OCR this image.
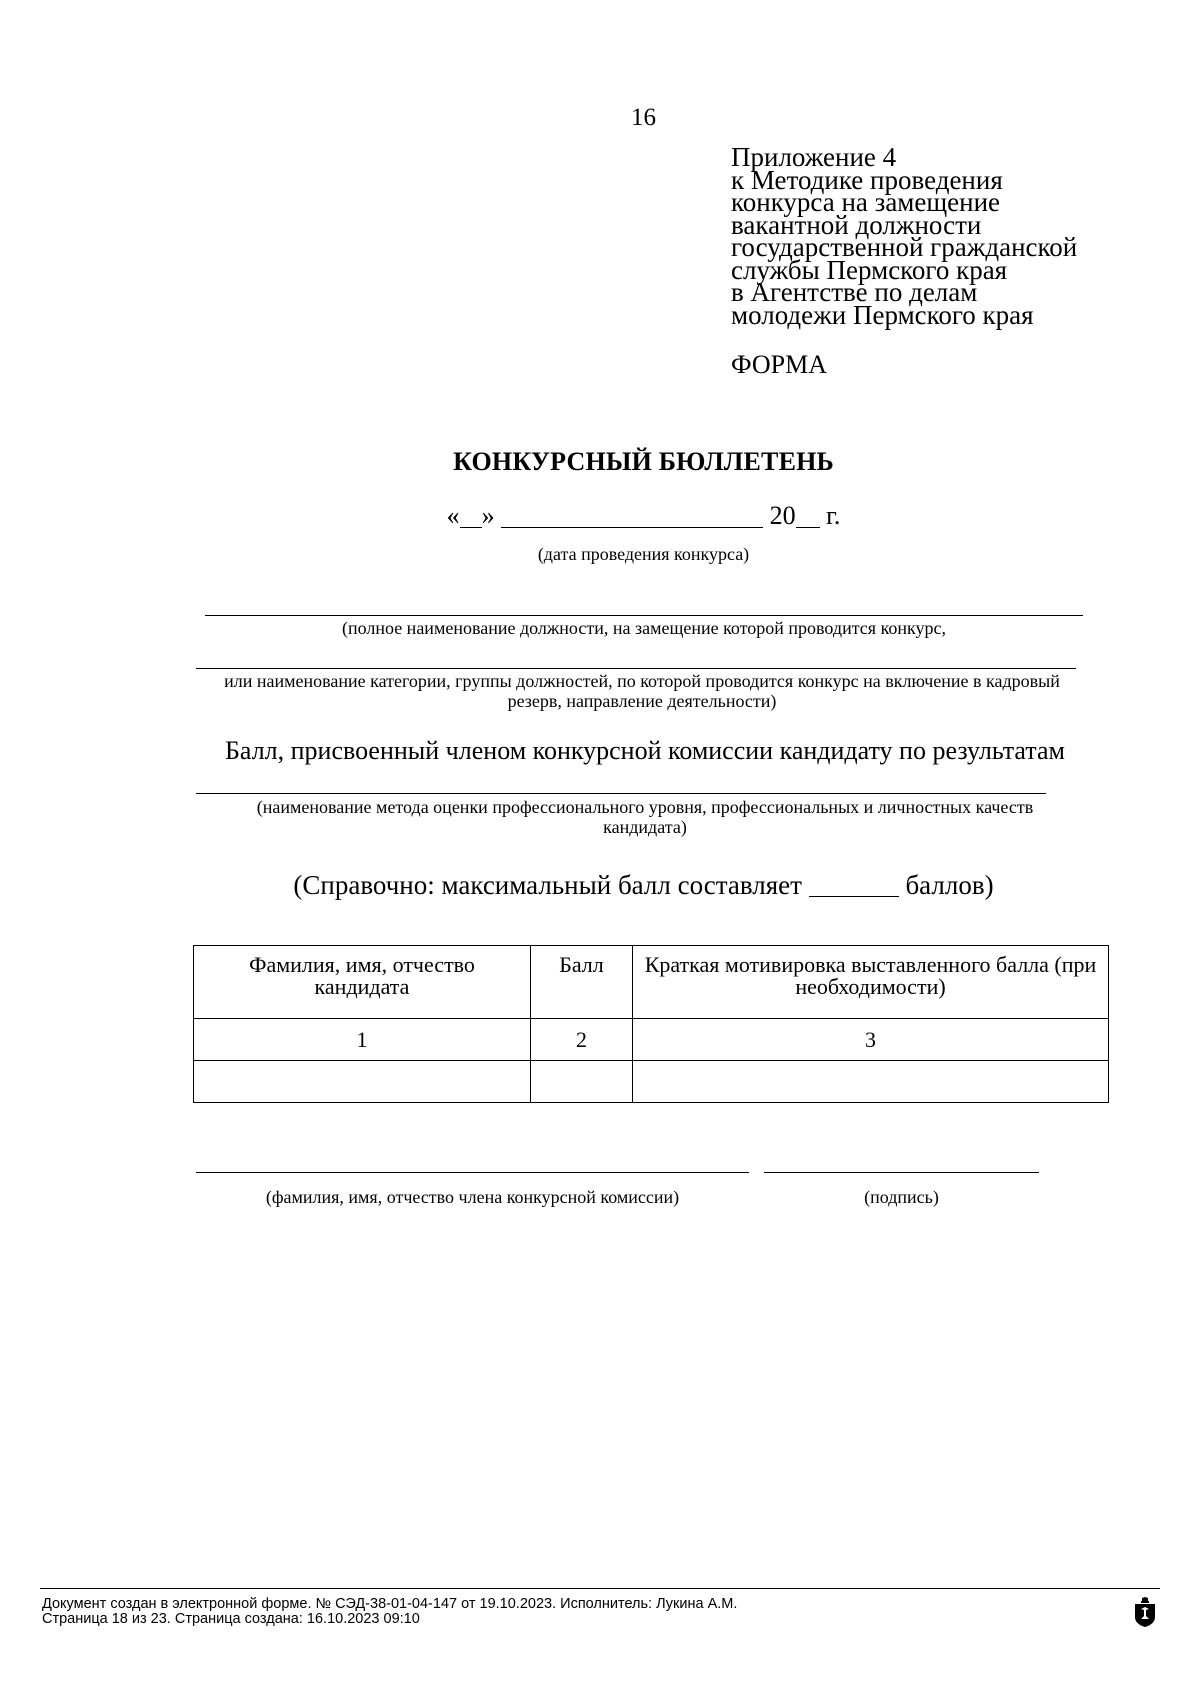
16
Приложение 4
к Методике проведения
конкурса на замещение
вакантной должности
государственной гражданской
службы Пермского края
в Агентстве по делам
молодежи Пермского края
ФОРМА
КОНКУРСНЫЙ БЮЛЛЕТЕНЬ
« »	20 г.
(дата проведения конкурса)
(полное наименование должности, на замещение которой проводится конкурс,
или наименование категории, группы должностей, по которой проводится конкурс на включение в кадровый резерв, направление деятельности)
Балл, присвоенный членом конкурсной комиссии кандидату по результатам
(наименование метода оценки профессионального уровня, профессиональных и личностных качеств кандидата)
(Справочно: максимальный балл составляет	баллов)
Фамилия, имя, отчество кандидата	Балл	Краткая мотивировка выставленного балла (при необходимости)
1	2	3

(фамилия, имя, отчество члена конкурсной комиссии)	(подпись)
Документ создан в электронной форме. № СЭД-38-01-04-147 от 19.10.2023. Исполнитель: Лукина А.М.
Страница 18 из 23. Страница создана: 16.10.2023 09:10
